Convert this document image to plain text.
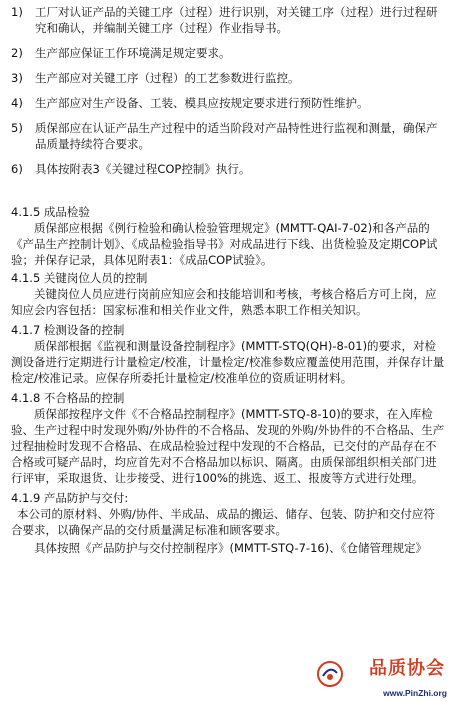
1) 工厂对认证产品的关键工序（过程）进行识别，对关键工序（过程）进行过程研究和确认，并编制关键工序（过程）作业指导书。
2) 生产部应保证工作环境满足规定要求。
3) 生产部应对关键工序（过程）的工艺参数进行监控。
4) 生产部应对生产设备、工装、模具应按规定要求进行预防性维护。
5) 质保部应在认证产品生产过程中的适当阶段对产品特性进行监视和测量，确保产品质量持续符合要求。
6) 具体按附表3《关键过程COP控制》执行。
4.1.5 成品检验
质保部应根据《例行检验和确认检验管理规定》(MMTT-QAI-7-02)和各产品的《产品生产控制计划》、《成品检验指导书》对成品进行下线、出货检验及定期COP试验；并保存记录，具体见附表1：《成品COP试验》。
4.1.5 关键岗位人员的控制
关键岗位人员应进行岗前应知应会和技能培训和考核，考核合格后方可上岗，应知应会内容包括：国家标准和相关作业文件，熟悉本职工作相关知识。
4.1.7 检测设备的控制
质保部根据《监视和测量设备控制程序》(MMTT-STQ(QH)-8-01)的要求，对检测设备进行定期进行计量检定/校准，计量检定/校准参数应覆盖使用范围，并保存计量检定/校准记录。应保存所委托计量检定/校准单位的资质证明材料。
4.1.8 不合格品的控制
质保部按程序文件《不合格品控制程序》(MMTT-STQ-8-10)的要求，在入库检验、生产过程中时发现外购/外协件的不合格品、发现的外购/外协件的不合格品、生产过程抽检时发现不合格品、在成品检验过程中发现的不合格品，已交付的产品存在不合格或可疑产品时，均应首先对不合格品加以标识、隔离。由质保部组织相关部门进行评审，采取退货、让步接受、进行100%的挑选、返工、报废等方式进行处理。
4.1.9 产品防护与交付:
本公司的原材料、外购/协件、半成品、成品的搬运、储存、包装、防护和交付应符合要求，以确保产品的交付质量满足标准和顾客要求。
具体按照《产品防护与交付控制程序》(MMTT-STQ-7-16)、《仓储管理规定》
品质协会
www.PinZhi.org
